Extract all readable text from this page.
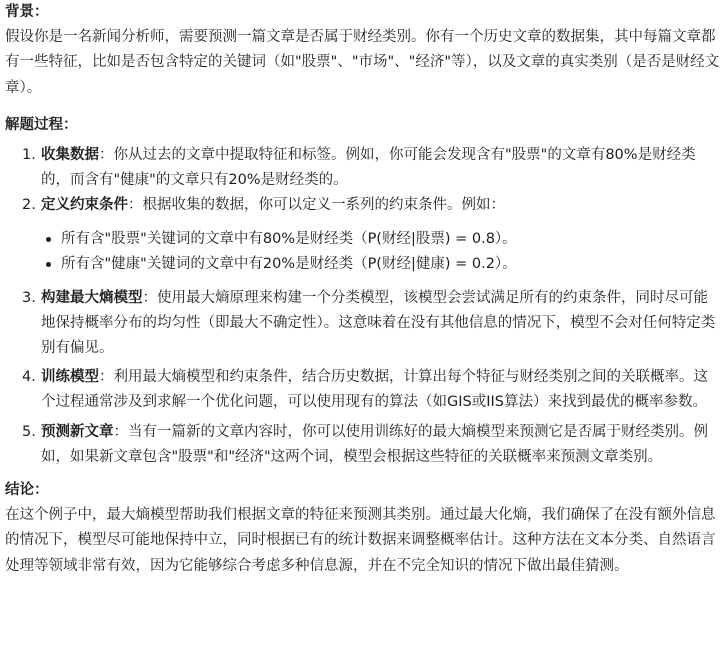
背景：

假设你是一名新闻分析师，需要预测一篇文章是否属于财经类别。你有一个历史文章的数据集，其中每篇文章都有一些特征，比如是否包含特定的关键词（如"股票"、"市场"、"经济"等），以及文章的真实类别（是否是财经文章）。

解题过程：

1. 收集数据：你从过去的文章中提取特征和标签。例如，你可能会发现含有"股票"的文章有80%是财经类的，而含有"健康"的文章只有20%是财经类的。
2. 定义约束条件：根据收集的数据，你可以定义一系列的约束条件。例如：
所有含"股票"关键词的文章中有80%是财经类（P(财经|股票) = 0.8）。
所有含"健康"关键词的文章中有20%是财经类（P(财经|健康) = 0.2）。
3. 构建最大熵模型：使用最大熵原理来构建一个分类模型，该模型会尝试满足所有的约束条件，同时尽可能地保持概率分布的均匀性（即最大不确定性）。这意味着在没有其他信息的情况下，模型不会对任何特定类别有偏见。
4. 训练模型：利用最大熵模型和约束条件，结合历史数据，计算出每个特征与财经类别之间的关联概率。这个过程通常涉及到求解一个优化问题，可以使用现有的算法（如GIS或IIS算法）来找到最优的概率参数。
5. 预测新文章：当有一篇新的文章内容时，你可以使用训练好的最大熵模型来预测它是否属于财经类别。例如，如果新文章包含"股票"和"经济"这两个词，模型会根据这些特征的关联概率来预测文章类别。

结论：

在这个例子中，最大熵模型帮助我们根据文章的特征来预测其类别。通过最大化熵，我们确保了在没有额外信息的情况下，模型尽可能地保持中立，同时根据已有的统计数据来调整概率估计。这种方法在文本分类、自然语言处理等领域非常有效，因为它能够综合考虑多种信息源，并在不完全知识的情况下做出最佳猜测。
